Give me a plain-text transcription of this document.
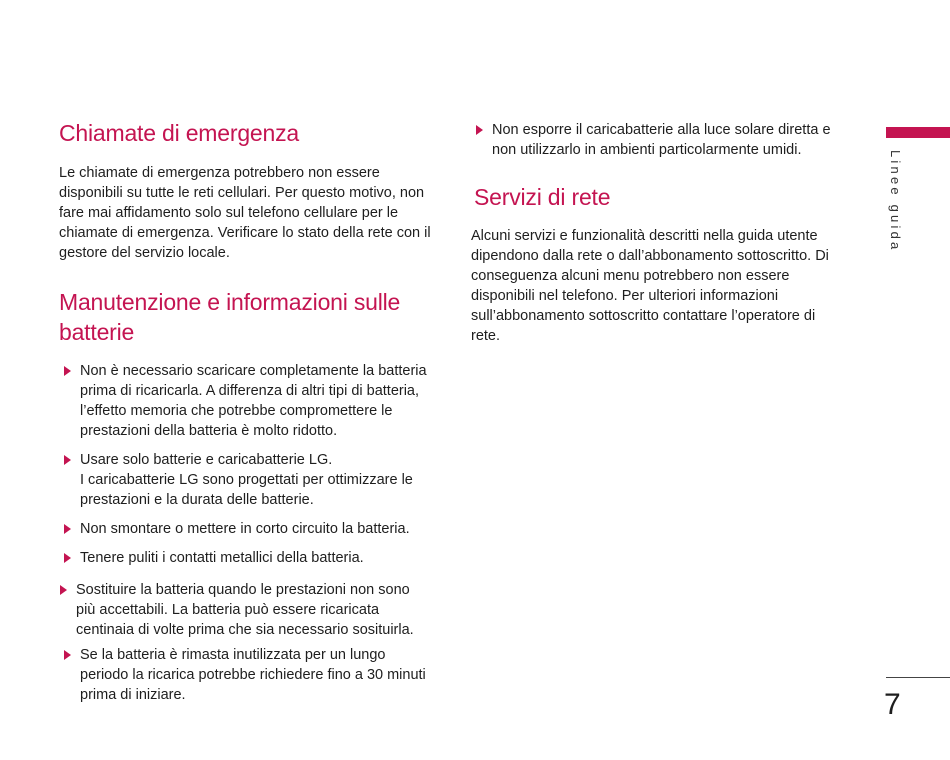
Chiamate di emergenza

Le chiamate di emergenza potrebbero non essere disponibili su tutte le reti cellulari. Per questo motivo, non fare mai affidamento solo sul telefono cellulare per le chiamate di emergenza. Verificare lo stato della rete con il gestore del servizio locale.

Manutenzione e informazioni sulle batterie
Non è necessario scaricare completamente la batteria prima di ricaricarla. A differenza di altri tipi di batteria, l’effetto memoria che potrebbe compromettere le prestazioni della batteria è molto ridotto.
Usare solo batterie e caricabatterie LG.
I caricabatterie LG sono progettati per ottimizzare le prestazioni e la durata delle batterie.
Non smontare o mettere in corto circuito la batteria.
Tenere puliti i contatti metallici della batteria.
Sostituire la batteria quando le prestazioni non sono più accettabili. La batteria può essere ricaricata centinaia di volte prima che sia necessario sosituirla.
Se la batteria è rimasta inutilizzata per un lungo periodo la ricarica potrebbe richiedere fino a 30 minuti prima di iniziare.
Non esporre il caricabatterie alla luce solare diretta e non utilizzarlo in ambienti particolarmente umidi.
Servizi di rete

Alcuni servizi e funzionalità descritti nella guida utente dipendono dalla rete o dall’abbonamento sottoscritto. Di conseguenza alcuni menu potrebbero non essere disponibili nel telefono. Per ulteriori informazioni sull’abbonamento sottoscritto contattare l’operatore di rete.

Linee guida
7
